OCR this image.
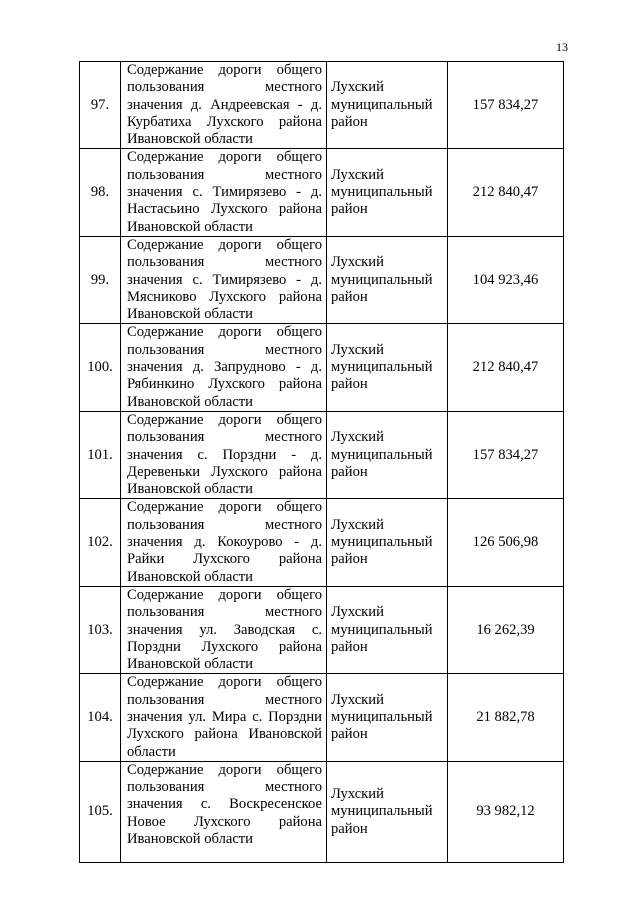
13
97.	Содержание дороги общего пользования местного значения д. Андреевская - д. Курбатиха Лухского района Ивановской области	Лухский муниципальный район	157 834,27
98.	Содержание дороги общего пользования местного значения с. Тимирязево - д. Настасьино Лухского района Ивановской области	Лухский муниципальный район	212 840,47
99.	Содержание дороги общего пользования местного значения с. Тимирязево - д. Мясниково Лухского района Ивановской области	Лухский муниципальный район	104 923,46
100.	Содержание дороги общего пользования местного значения д. Запрудново - д. Рябинкино Лухского района Ивановской области	Лухский муниципальный район	212 840,47
101.	Содержание дороги общего пользования местного значения с. Порздни - д. Деревеньки Лухского района Ивановской области	Лухский муниципальный район	157 834,27
102.	Содержание дороги общего пользования местного значения д. Кокоурово - д. Райки Лухского района Ивановской области	Лухский муниципальный район	126 506,98
103.	Содержание дороги общего пользования местного значения ул. Заводская с. Порздни Лухского района Ивановской области	Лухский муниципальный район	16 262,39
104.	Содержание дороги общего пользования местного значения ул. Мира с. Порздни Лухского района Ивановской области	Лухский муниципальный район	21 882,78
105.	Содержание дороги общего пользования местного значения с. Воскресенское Новое Лухского района Ивановской области	Лухский муниципальный район	93 982,12
